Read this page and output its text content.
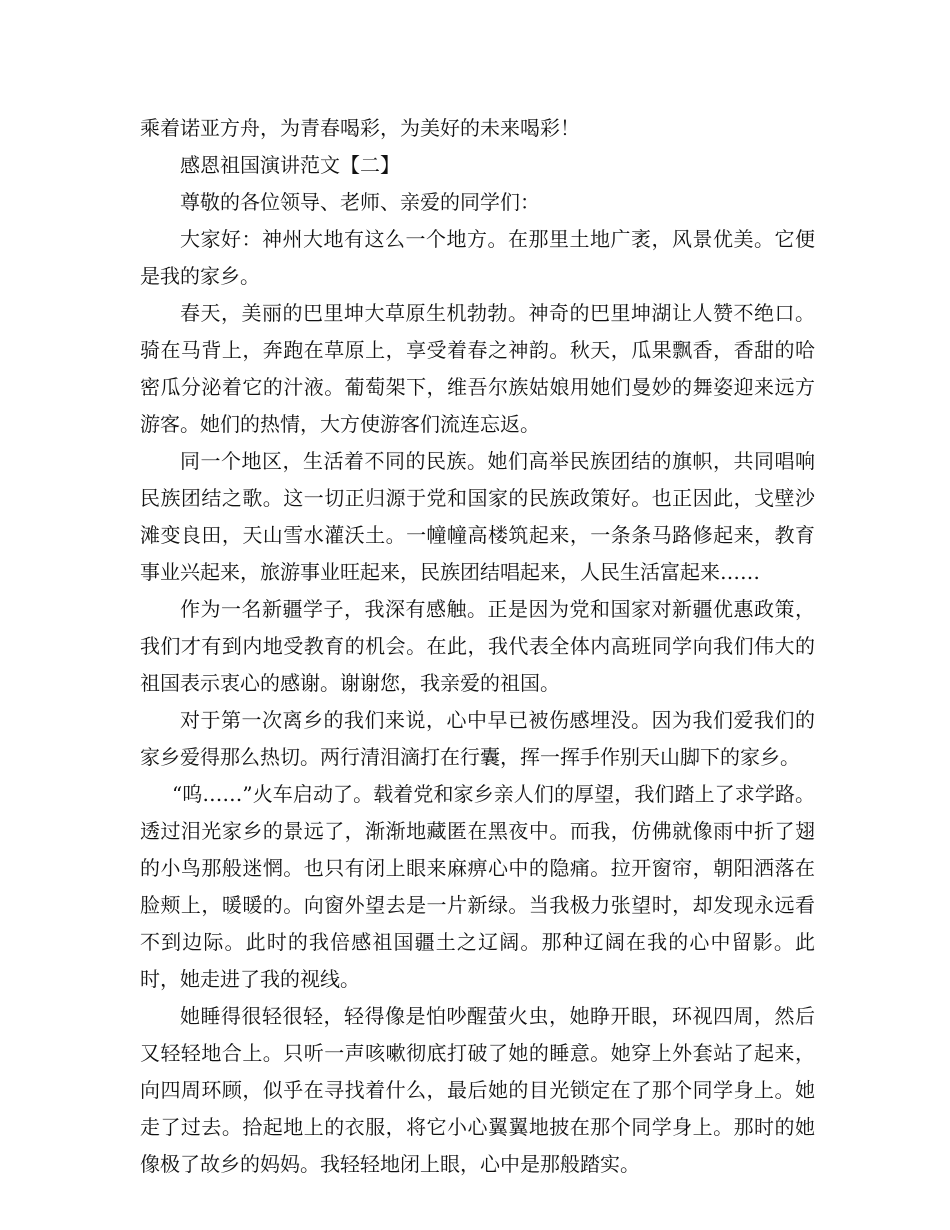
乘着诺亚方舟，为青春喝彩，为美好的未来喝彩！

感恩祖国演讲范文【二】

尊敬的各位领导、老师、亲爱的同学们：

大家好：神州大地有这么一个地方。在那里土地广袤，风景优美。它便是我的家乡。

春天，美丽的巴里坤大草原生机勃勃。神奇的巴里坤湖让人赞不绝口。骑在马背上，奔跑在草原上，享受着春之神韵。秋天，瓜果飘香，香甜的哈密瓜分泌着它的汁液。葡萄架下，维吾尔族姑娘用她们曼妙的舞姿迎来远方游客。她们的热情，大方使游客们流连忘返。

同一个地区，生活着不同的民族。她们高举民族团结的旗帜，共同唱响民族团结之歌。这一切正归源于党和国家的民族政策好。也正因此，戈壁沙滩变良田，天山雪水灌沃土。一幢幢高楼筑起来，一条条马路修起来，教育事业兴起来，旅游事业旺起来，民族团结唱起来，人民生活富起来……

作为一名新疆学子，我深有感触。正是因为党和国家对新疆优惠政策，我们才有到内地受教育的机会。在此，我代表全体内高班同学向我们伟大的祖国表示衷心的感谢。谢谢您，我亲爱的祖国。

对于第一次离乡的我们来说，心中早已被伤感埋没。因为我们爱我们的家乡爱得那么热切。两行清泪滴打在行囊，挥一挥手作别天山脚下的家乡。

“呜……”火车启动了。载着党和家乡亲人们的厚望，我们踏上了求学路。透过泪光家乡的景远了，渐渐地藏匿在黑夜中。而我，仿佛就像雨中折了翅的小鸟那般迷惘。也只有闭上眼来麻痹心中的隐痛。拉开窗帘，朝阳洒落在脸颊上，暖暖的。向窗外望去是一片新绿。当我极力张望时，却发现永远看不到边际。此时的我倍感祖国疆土之辽阔。那种辽阔在我的心中留影。此时，她走进了我的视线。

她睡得很轻很轻，轻得像是怕吵醒萤火虫，她睁开眼，环视四周，然后又轻轻地合上。只听一声咳嗽彻底打破了她的睡意。她穿上外套站了起来，向四周环顾，似乎在寻找着什么，最后她的目光锁定在了那个同学身上。她走了过去。拾起地上的衣服，将它小心翼翼地披在那个同学身上。那时的她像极了故乡的妈妈。我轻轻地闭上眼，心中是那般踏实。
